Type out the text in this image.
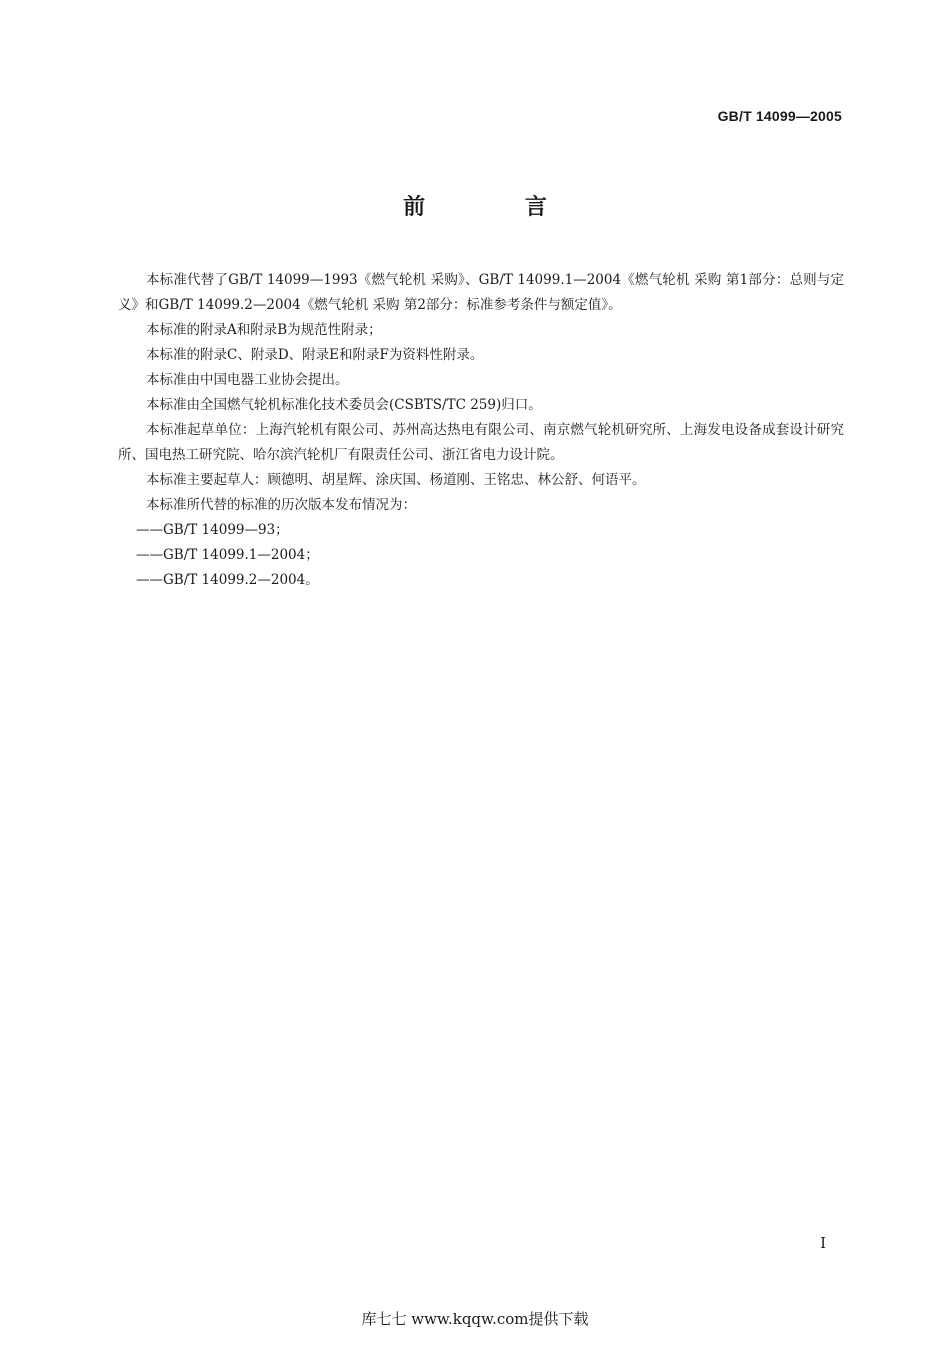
GB/T 14099—2005
前 言

本标准代替了GB/T 14099—1993《燃气轮机 采购》、GB/T 14099.1—2004《燃气轮机 采购 第1部分：总则与定义》和GB/T 14099.2—2004《燃气轮机 采购 第2部分：标准参考条件与额定值》。

本标准的附录A和附录B为规范性附录；

本标准的附录C、附录D、附录E和附录F为资料性附录。

本标准由中国电器工业协会提出。

本标准由全国燃气轮机标准化技术委员会(CSBTS/TC 259)归口。

本标准起草单位：上海汽轮机有限公司、苏州高达热电有限公司、南京燃气轮机研究所、上海发电设备成套设计研究所、国电热工研究院、哈尔滨汽轮机厂有限责任公司、浙江省电力设计院。

本标准主要起草人：顾德明、胡星辉、涂庆国、杨道刚、王铭忠、林公舒、何语平。

本标准所代替的标准的历次版本发布情况为：

——GB/T 14099—93；

——GB/T 14099.1—2004；

——GB/T 14099.2—2004。

I
库七七 www.kqqw.com提供下载
